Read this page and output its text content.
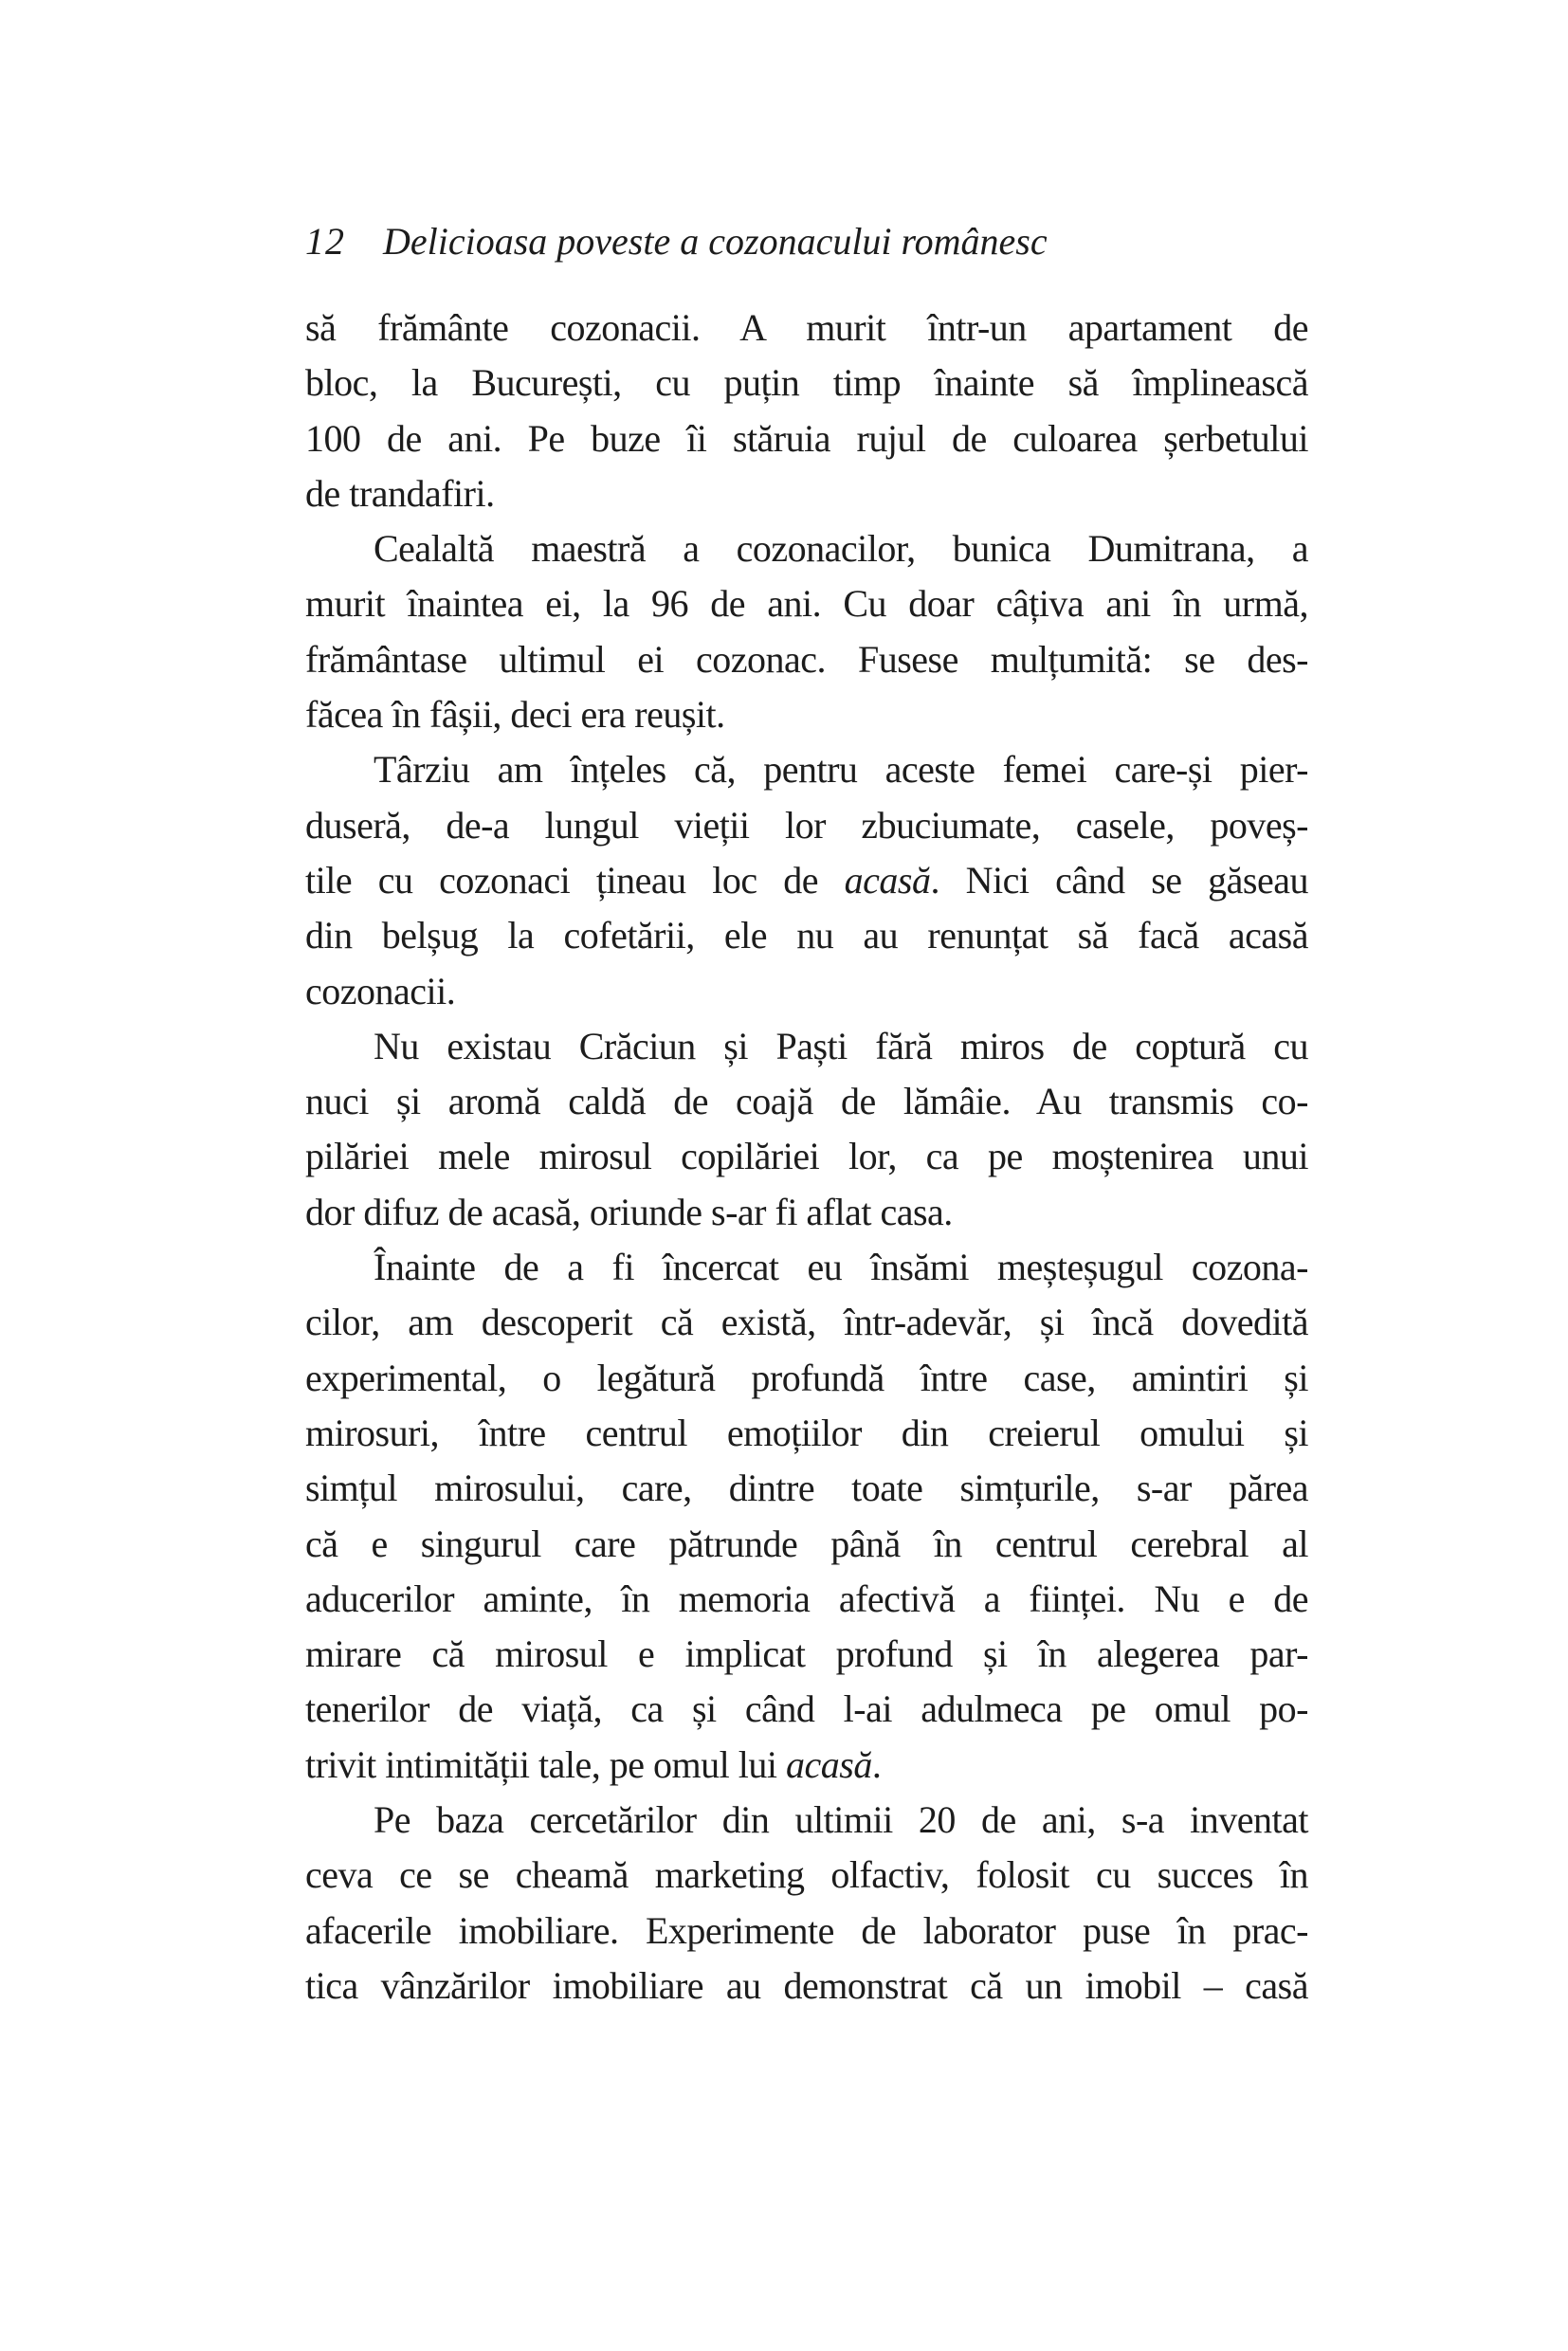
12 Delicioasa poveste a cozonacului românesc
să frământe cozonacii. A murit într-un apartament de
bloc, la București, cu puțin timp înainte să împlinească
100 de ani. Pe buze îi stăruia rujul de culoarea șerbetului
de trandafiri.
Cealaltă maestră a cozonacilor, bunica Dumitrana, a
murit înaintea ei, la 96 de ani. Cu doar câțiva ani în urmă,
frământase ultimul ei cozonac. Fusese mulțumită: se des-
făcea în fâșii, deci era reușit.
Târziu am înțeles că, pentru aceste femei care-și pier-
duseră, de-a lungul vieții lor zbuciumate, casele, poveș-
tile cu cozonaci țineau loc de acasă. Nici când se găseau
din belșug la cofetării, ele nu au renunțat să facă acasă
cozonacii.
Nu existau Crăciun și Paști fără miros de coptură cu
nuci și aromă caldă de coajă de lămâie. Au transmis co-
pilăriei mele mirosul copilăriei lor, ca pe moștenirea unui
dor difuz de acasă, oriunde s-ar fi aflat casa.
Înainte de a fi încercat eu însămi meșteșugul cozona-
cilor, am descoperit că există, într-adevăr, și încă dovedită
experimental, o legătură profundă între case, amintiri și
mirosuri, între centrul emoțiilor din creierul omului și
simțul mirosului, care, dintre toate simțurile, s-ar părea
că e singurul care pătrunde până în centrul cerebral al
aducerilor aminte, în memoria afectivă a ființei. Nu e de
mirare că mirosul e implicat profund și în alegerea par-
tenerilor de viață, ca și când l-ai adulmeca pe omul po-
trivit intimității tale, pe omul lui acasă.
Pe baza cercetărilor din ultimii 20 de ani, s-a inventat
ceva ce se cheamă marketing olfactiv, folosit cu succes în
afacerile imobiliare. Experimente de laborator puse în prac-
tica vânzărilor imobiliare au demonstrat că un imobil – casă
